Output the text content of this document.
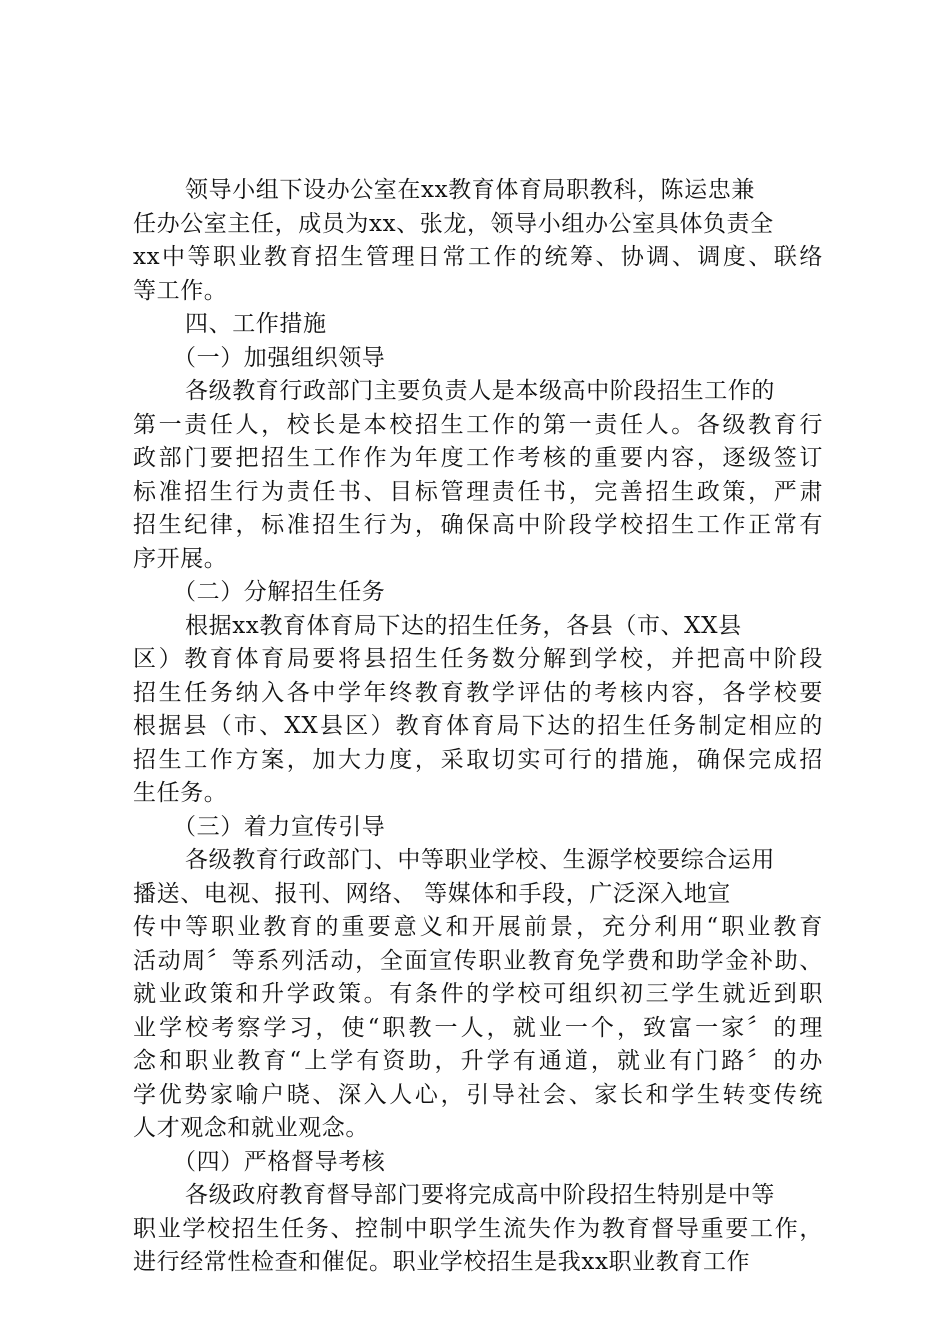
领导小组下设办公室在xx教育体育局职教科，陈运忠兼
任办公室主任，成员为xx、张龙，领导小组办公室具体负责全
xx中等职业教育招生管理日常工作的统筹、协调、调度、联络
等工作。
四、工作措施
（一）加强组织领导
各级教育行政部门主要负责人是本级高中阶段招生工作的
第一责任人，校长是本校招生工作的第一责任人。各级教育行
政部门要把招生工作作为年度工作考核的重要内容，逐级签订
标准招生行为责任书、目标管理责任书，完善招生政策，严肃
招生纪律，标准招生行为，确保高中阶段学校招生工作正常有
序开展。
（二）分解招生任务
根据xx教育体育局下达的招生任务，各县（市、XX县
区）教育体育局要将县招生任务数分解到学校，并把高中阶段
招生任务纳入各中学年终教育教学评估的考核内容，各学校要
根据县（市、XX县区）教育体育局下达的招生任务制定相应的
招生工作方案，加大力度，采取切实可行的措施，确保完成招
生任务。
（三）着力宣传引导
各级教育行政部门、中等职业学校、生源学校要综合运用
播送、电视、报刊、网络、 等媒体和手段，广泛深入地宣
传中等职业教育的重要意义和开展前景，充分利用“职业教育
活动周〞等系列活动，全面宣传职业教育免学费和助学金补助、
就业政策和升学政策。有条件的学校可组织初三学生就近到职
业学校考察学习，使“职教一人，就业一个，致富一家〞的理
念和职业教育“上学有资助，升学有通道，就业有门路〞的办
学优势家喻户晓、深入人心，引导社会、家长和学生转变传统
人才观念和就业观念。
（四）严格督导考核
各级政府教育督导部门要将完成高中阶段招生特别是中等
职业学校招生任务、控制中职学生流失作为教育督导重要工作，
进行经常性检查和催促。职业学校招生是我xx职业教育工作
